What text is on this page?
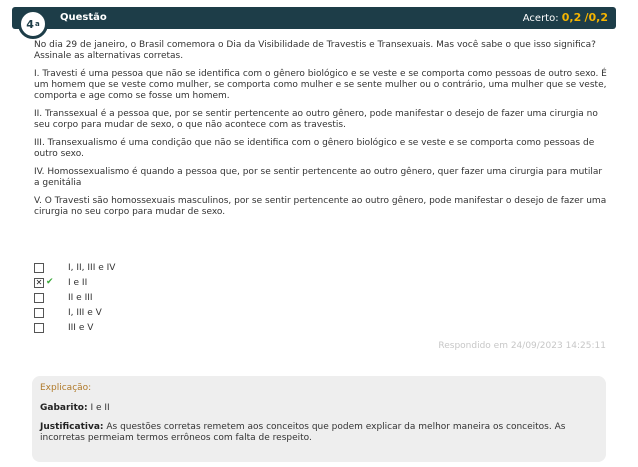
4 a
Questão	Acerto: 0,2 /0,2

No dia 29 de janeiro, o Brasil comemora o Dia da Visibilidade de Travestis e Transexuais. Mas você sabe o que isso significa? Assinale as alternativas corretas.

I. Travesti é uma pessoa que não se identifica com o gênero biológico e se veste e se comporta como pessoas de outro sexo. É um homem que se veste como mulher, se comporta como mulher e se sente mulher ou o contrário, uma mulher que se veste, comporta e age como se fosse um homem.

II. Transsexual é a pessoa que, por se sentir pertencente ao outro gênero, pode manifestar o desejo de fazer uma cirurgia no seu corpo para mudar de sexo, o que não acontece com as travestis.

III. Transexualismo é uma condição que não se identifica com o gênero biológico e se veste e se comporta como pessoas de outro sexo.

IV. Homossexualismo é quando a pessoa que, por se sentir pertencente ao outro gênero, quer fazer uma cirurgia para mutilar a genitália

V. O Travesti são homossexuais masculinos, por se sentir pertencente ao outro gênero, pode manifestar o desejo de fazer uma cirurgia no seu corpo para mudar de sexo.

I, II, III e IV
✕ ✔ I e II
II e III
I, III e V
III e V
Respondido em 24/09/2023 14:25:11
Explicação:
Gabarito: I e II
Justificativa: As questões corretas remetem aos conceitos que podem explicar da melhor maneira os conceitos. As incorretas permeiam termos errôneos com falta de respeito.
